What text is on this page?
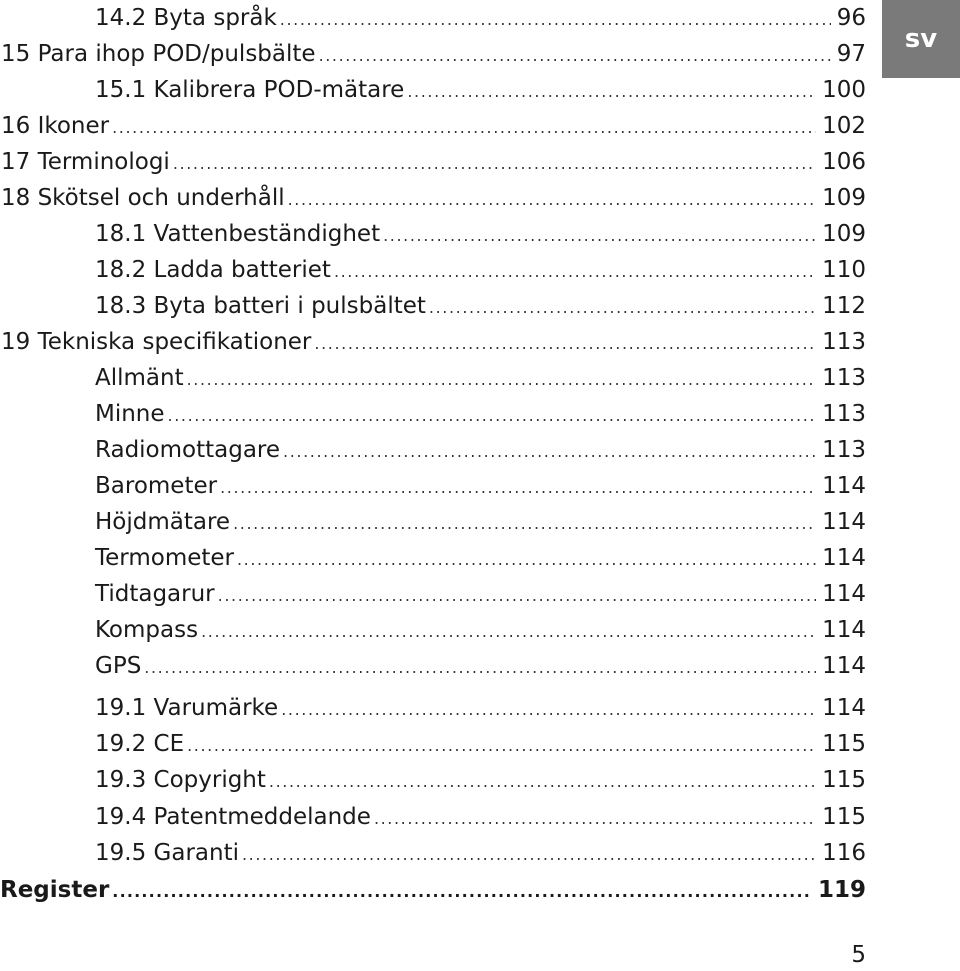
14.2 Byta språk .....	96
15 Para ihop POD/pulsbälte .....	97
15.1 Kalibrera POD-mätare .....	100
16 Ikoner .....	102
17 Terminologi .....	106
18 Skötsel och underhåll .....	109
18.1 Vattenbeständighet .....	109
18.2 Ladda batteriet .....	110
18.3 Byta batteri i pulsbältet .....	112
19 Tekniska specifikationer .....	113
Allmänt .....	113
Minne .....	113
Radiomottagare .....	113
Barometer .....	114
Höjdmätare .....	114
Termometer .....	114
Tidtagarur .....	114
Kompass .....	114
GPS .....	114
19.1 Varumärke .....	114
19.2 CE .....	115
19.3 Copyright .....	115
19.4 Patentmeddelande .....	115
19.5 Garanti .....	116
Register .....	119
sv
5
